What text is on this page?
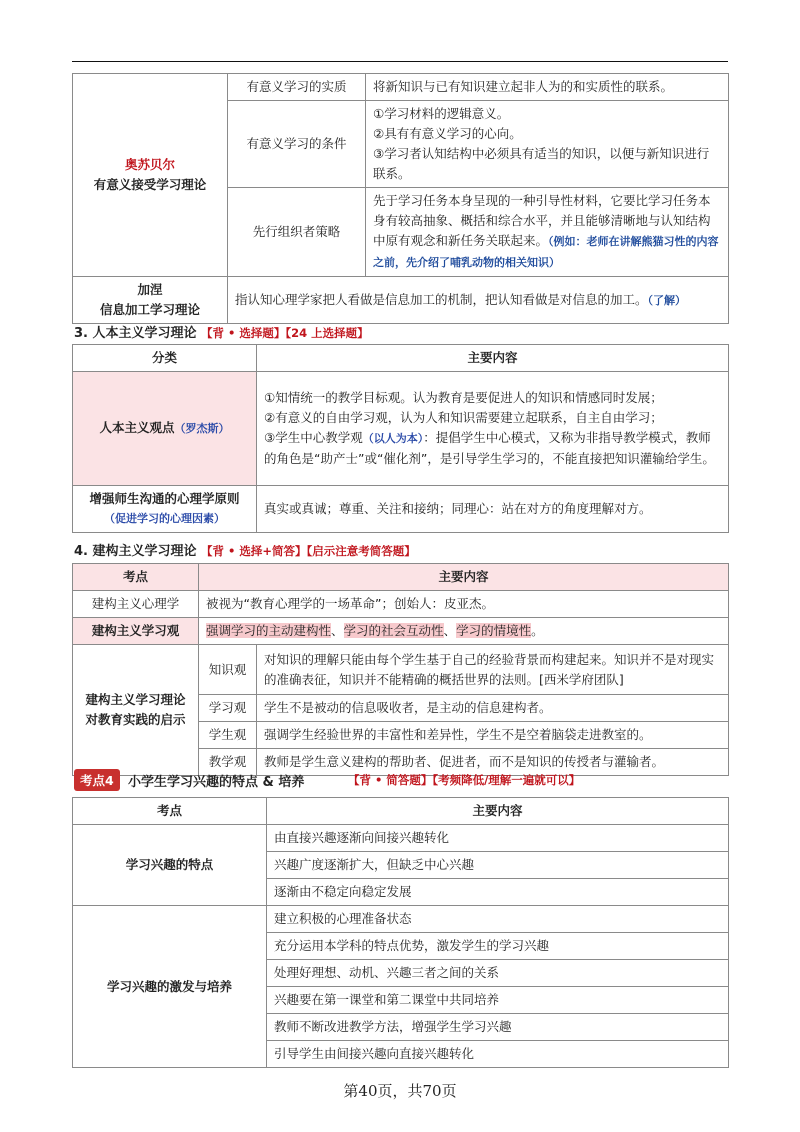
奥苏贝尔
有意义接受学习理论	有意义学习的实质	将新知识与已有知识建立起非人为的和实质性的联系。
	有意义学习的条件	①学习材料的逻辑意义。
②具有有意义学习的心向。
③学习者认知结构中必须具有适当的知识，以便与新知识进行联系。

	先行组织者策略	先于学习任务本身呈现的一种引导性材料，它要比学习任务本身有较高抽象、概括和综合水平，并且能够清晰地与认知结构中原有观念和新任务关联起来。（例如：老师在讲解熊猫习性的内容之前，先介绍了哺乳动物的相关知识）

加涅
信息加工学习理论	指认知心理学家把人看做是信息加工的机制，把认知看做是对信息的加工。（了解）	
3. 人本主义学习理论 【背 • 选择题】【24 上选择题】
分类	主要内容
人本主义观点（罗杰斯）	①知情统一的教学目标观。认为教育是要促进人的知识和情感同时发展；
②有意义的自由学习观，认为人和知识需要建立起联系，自主自由学习；
③学生中心教学观（以人为本）：提倡学生中心模式，又称为非指导教学模式，教师的角色是“助产士”或“催化剂”，是引导学生学习的，不能直接把知识灌输给学生。

增强师生沟通的心理学原则
（促进学习的心理因素）	真实或真诚；尊重、关注和接纳；同理心：站在对方的角度理解对方。
4. 建构主义学习理论 【背 • 选择+简答】【启示注意考简答题】
考点	主要内容	
建构主义心理学	被视为“教育心理学的一场革命”；创始人：皮亚杰。	
建构主义学习观	强调学习的主动建构性、学习的社会互动性、学习的情境性。	

建构主义学习理论
对教育实践的启示	知识观	对知识的理解只能由每个学生基于自己的经验背景而构建起来。知识并不是对现实的准确表征，知识并不能精确的概括世界的法则。[西米学府团队]
	学习观	学生不是被动的信息吸收者，是主动的信息建构者。
	学生观	强调学生经验世界的丰富性和差异性，学生不是空着脑袋走进教室的。
	教学观	教师是学生意义建构的帮助者、促进者，而不是知识的传授者与灌输者。
考点4	小学生学习兴趣的特点 & 培养	【背 • 简答题】【考频降低/理解一遍就可以】
考点	主要内容
学习兴趣的特点	由直接兴趣逐渐向间接兴趣转化
	兴趣广度逐渐扩大，但缺乏中心兴趣
	逐渐由不稳定向稳定发展
学习兴趣的激发与培养	建立积极的心理准备状态
	充分运用本学科的特点优势，激发学生的学习兴趣
	处理好理想、动机、兴趣三者之间的关系
	兴趣要在第一课堂和第二课堂中共同培养
	教师不断改进教学方法，增强学生学习兴趣
	引导学生由间接兴趣向直接兴趣转化
第40页，共70页
